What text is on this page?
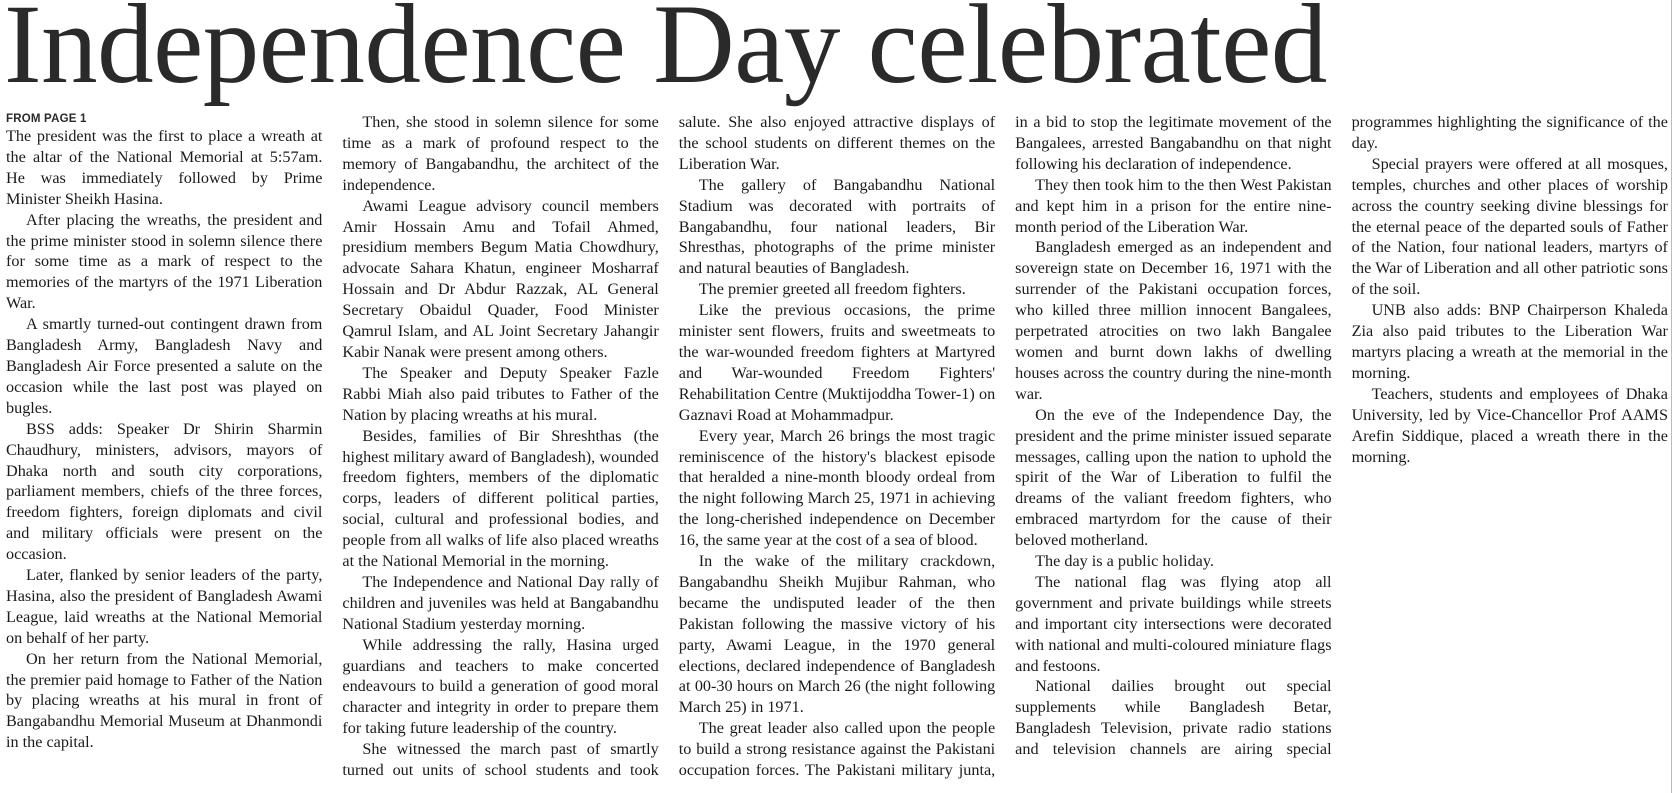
Independence Day celebrated

FROM PAGE 1

The president was the first to place a wreath at the altar of the National Memorial at 5:57am. He was immediately followed by Prime Minister Sheikh Hasina.

After placing the wreaths, the president and the prime minister stood in solemn silence there for some time as a mark of respect to the memories of the martyrs of the 1971 Liberation War.

A smartly turned-out contingent drawn from Bangladesh Army, Bangladesh Navy and Bangladesh Air Force presented a salute on the occasion while the last post was played on bugles.

BSS adds: Speaker Dr Shirin Sharmin Chaudhury, ministers, advisors, mayors of Dhaka north and south city corporations, parliament members, chiefs of the three forces, freedom fighters, foreign diplomats and civil and military officials were present on the occasion.

Later, flanked by senior leaders of the party, Hasina, also the president of Bangladesh Awami League, laid wreaths at the National Memorial on behalf of her party.

On her return from the National Memorial, the premier paid homage to Father of the Nation by placing wreaths at his mural in front of Bangabandhu Memorial Museum at Dhanmondi in the capital.

Then, she stood in solemn silence for some time as a mark of profound respect to the memory of Bangabandhu, the architect of the independence.

Awami League advisory council members Amir Hossain Amu and Tofail Ahmed, presidium members Begum Matia Chowdhury, advocate Sahara Khatun, engineer Mosharraf Hossain and Dr Abdur Razzak, AL General Secretary Obaidul Quader, Food Minister Qamrul Islam, and AL Joint Secretary Jahangir Kabir Nanak were present among others.

The Speaker and Deputy Speaker Fazle Rabbi Miah also paid tributes to Father of the Nation by placing wreaths at his mural.

Besides, families of Bir Shreshthas (the highest military award of Bangladesh), wounded freedom fighters, members of the diplomatic corps, leaders of different political parties, social, cultural and professional bodies, and people from all walks of life also placed wreaths at the National Memorial in the morning.

The Independence and National Day rally of children and juveniles was held at Bangabandhu National Stadium yesterday morning.

While addressing the rally, Hasina urged guardians and teachers to make concerted endeavours to build a generation of good moral character and integrity in order to prepare them for taking future leadership of the country.

She witnessed the march past of smartly turned out units of school students and took salute. She also enjoyed attractive displays of the school students on different themes on the Liberation War.

The gallery of Bangabandhu National Stadium was decorated with portraits of Bangabandhu, four national leaders, Bir Shresthas, photographs of the prime minister and natural beauties of Bangladesh.

The premier greeted all freedom fighters.

Like the previous occasions, the prime minister sent flowers, fruits and sweetmeats to the war-wounded freedom fighters at Martyred and War-wounded Freedom Fighters' Rehabilitation Centre (Muktijoddha Tower-1) on Gaznavi Road at Mohammadpur.

Every year, March 26 brings the most tragic reminiscence of the history's blackest episode that heralded a nine-month bloody ordeal from the night following March 25, 1971 in achieving the long-cherished independence on December 16, the same year at the cost of a sea of blood.

In the wake of the military crackdown, Bangabandhu Sheikh Mujibur Rahman, who became the undisputed leader of the then Pakistan following the massive victory of his party, Awami League, in the 1970 general elections, declared independence of Bangladesh at 00-30 hours on March 26 (the night following March 25) in 1971.

The great leader also called upon the people to build a strong resistance against the Pakistani occupation forces. The Pakistani military junta, in a bid to stop the legitimate movement of the Bangalees, arrested Bangabandhu on that night following his declaration of independence.

They then took him to the then West Pakistan and kept him in a prison for the entire nine-month period of the Liberation War.

Bangladesh emerged as an independent and sovereign state on December 16, 1971 with the surrender of the Pakistani occupation forces, who killed three million innocent Bangalees, perpetrated atrocities on two lakh Bangalee women and burnt down lakhs of dwelling houses across the country during the nine-month war.

On the eve of the Independence Day, the president and the prime minister issued separate messages, calling upon the nation to uphold the spirit of the War of Liberation to fulfil the dreams of the valiant freedom fighters, who embraced martyrdom for the cause of their beloved motherland.

The day is a public holiday.

The national flag was flying atop all government and private buildings while streets and important city intersections were decorated with national and multi-coloured miniature flags and festoons.

National dailies brought out special supplements while Bangladesh Betar, Bangladesh Television, private radio stations and television channels are airing special programmes highlighting the significance of the day.

Special prayers were offered at all mosques, temples, churches and other places of worship across the country seeking divine blessings for the eternal peace of the departed souls of Father of the Nation, four national leaders, martyrs of the War of Liberation and all other patriotic sons of the soil.

UNB also adds: BNP Chairperson Khaleda Zia also paid tributes to the Liberation War martyrs placing a wreath at the memorial in the morning.

Teachers, students and employees of Dhaka University, led by Vice-Chancellor Prof AAMS Arefin Siddique, placed a wreath there in the morning.
